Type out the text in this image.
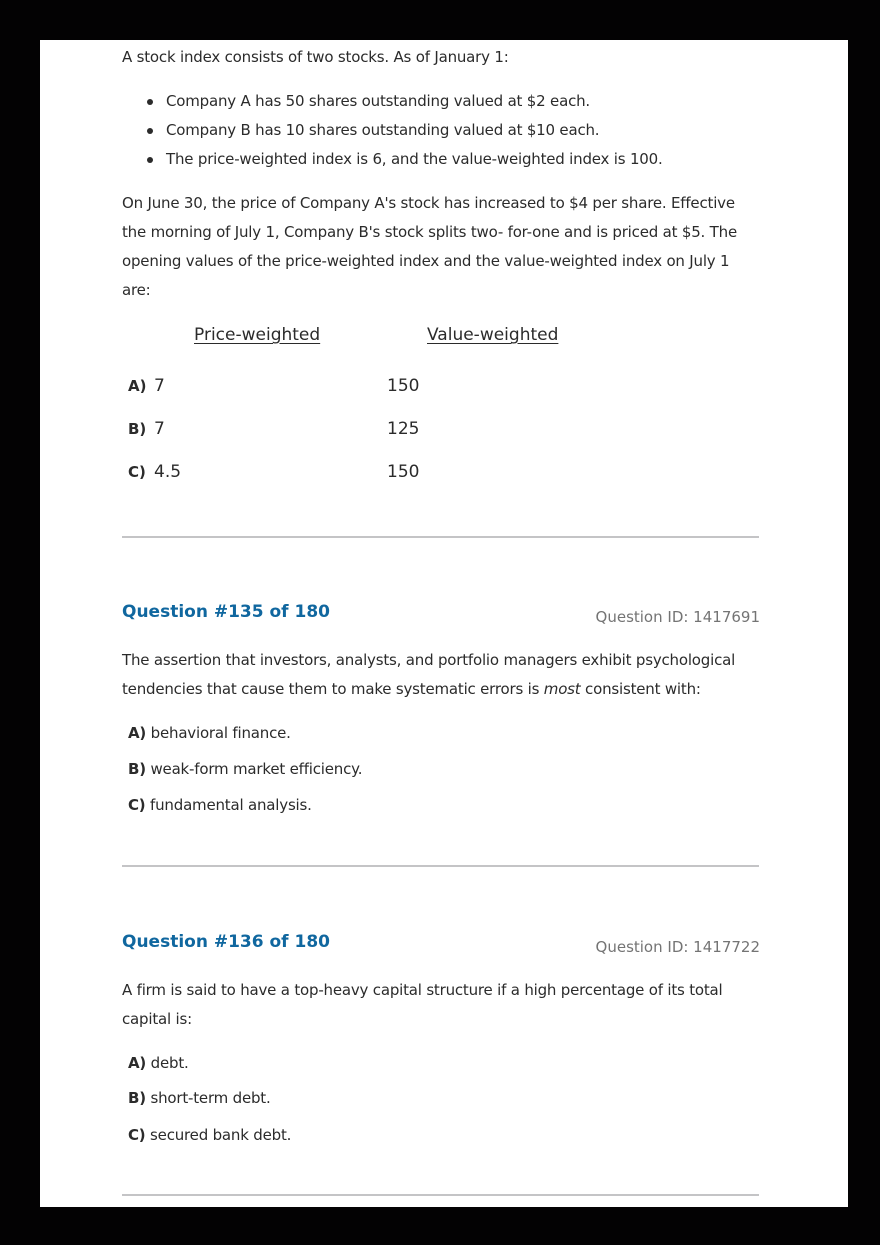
A stock index consists of two stocks. As of January 1:

Company A has 50 shares outstanding valued at $2 each.
Company B has 10 shares outstanding valued at $10 each.
The price-weighted index is 6, and the value-weighted index is 100.

On June 30, the price of Company A's stock has increased to $4 per share. Effective the morning of July 1, Company B's stock splits two- for-one and is priced at $5. The opening values of the price-weighted index and the value-weighted index on July 1 are:

Price-weighted	Value-weighted
A) 7	150
B) 7	125
C) 4.5	150
Question #135 of 180	Question ID: 1417691

The assertion that investors, analysts, and portfolio managers exhibit psychological tendencies that cause them to make systematic errors is most consistent with:

A) behavioral finance.
B) weak-form market efficiency.
C) fundamental analysis.
Question #136 of 180	Question ID: 1417722

A firm is said to have a top-heavy capital structure if a high percentage of its total capital is:

A) debt.
B) short-term debt.
C) secured bank debt.
